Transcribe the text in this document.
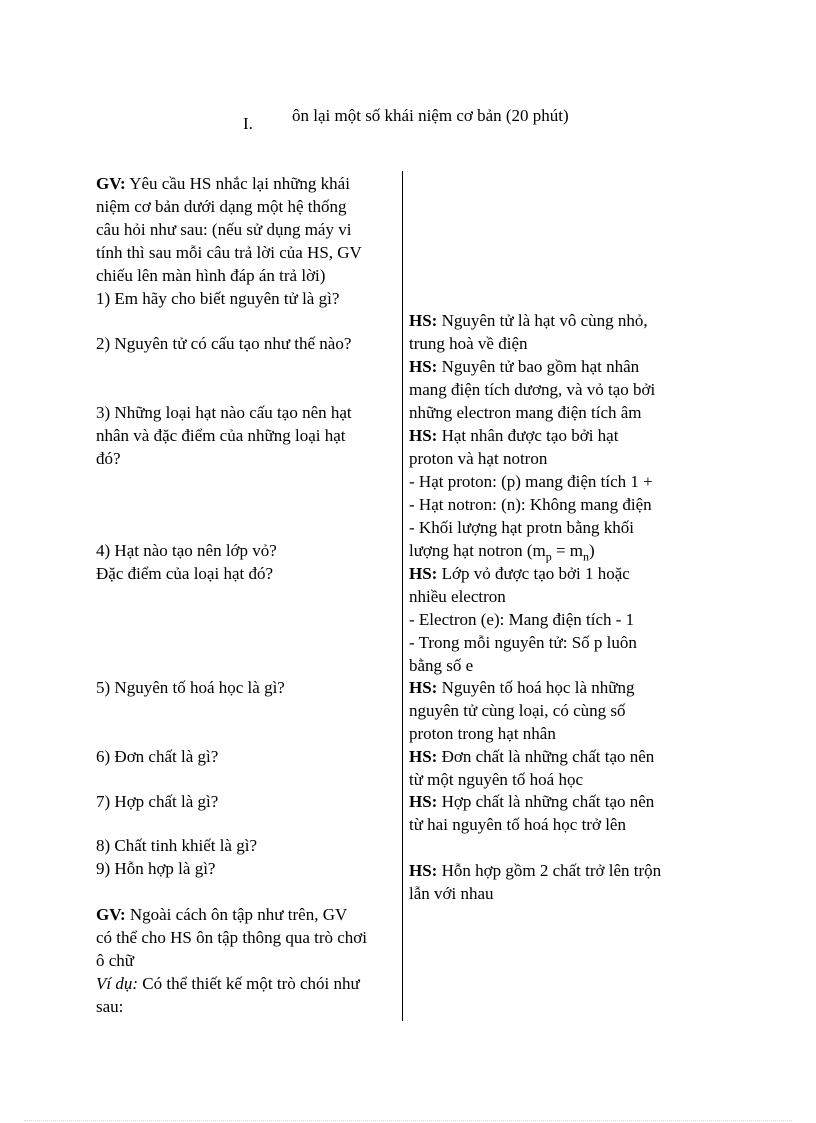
I. ôn lại một số khái niệm cơ bản (20 phút)
GV: Yêu cầu HS nhắc lại những khái
niệm cơ bản dưới dạng một hệ thống
câu hỏi như sau: (nếu sử dụng máy vi
tính thì sau mỗi câu trả lời của HS, GV
chiếu lên màn hình đáp án trả lời)
1) Em hãy cho biết nguyên tử là gì?
2) Nguyên tử có cấu tạo như thế nào?
3) Những loại hạt nào cấu tạo nên hạt
nhân và đặc điểm của những loại hạt
đó?
4) Hạt nào tạo nên lớp vỏ?
Đặc điểm của loại hạt đó?
5) Nguyên tố hoá học là gì?
6) Đơn chất là gì?
7) Hợp chất là gì?
8) Chất tinh khiết là gì?
9) Hỗn hợp là gì?
GV: Ngoài cách ôn tập như trên, GV
có thể cho HS ôn tập thông qua trò chơi
ô chữ
Ví dụ: Có thể thiết kế một trò chói như
sau:
HS: Nguyên tử là hạt vô cùng nhỏ,
trung hoà về điện
HS: Nguyên tử bao gồm hạt nhân
mang điện tích dương, và vỏ tạo bởi
những electron mang điện tích âm
HS: Hạt nhân được tạo bởi hạt
proton và hạt notron
- Hạt proton: (p) mang điện tích 1 +
- Hạt notron: (n): Không mang điện
- Khối lượng hạt protn bằng khối
lượng hạt notron $(m_p = m_n)$
HS: Lớp vỏ được tạo bởi 1 hoặc
nhiều electron
- Electron (e): Mang điện tích - 1
- Trong mỗi nguyên tử: Số p luôn
bằng số e
HS: Nguyên tố hoá học là những
nguyên tử cùng loại, có cùng số
proton trong hạt nhân
HS: Đơn chất là những chất tạo nên
từ một nguyên tố hoá học
HS: Hợp chất là những chất tạo nên
từ hai nguyên tố hoá học trở lên
HS: Hỗn hợp gồm 2 chất trở lên trộn
lẫn với nhau
